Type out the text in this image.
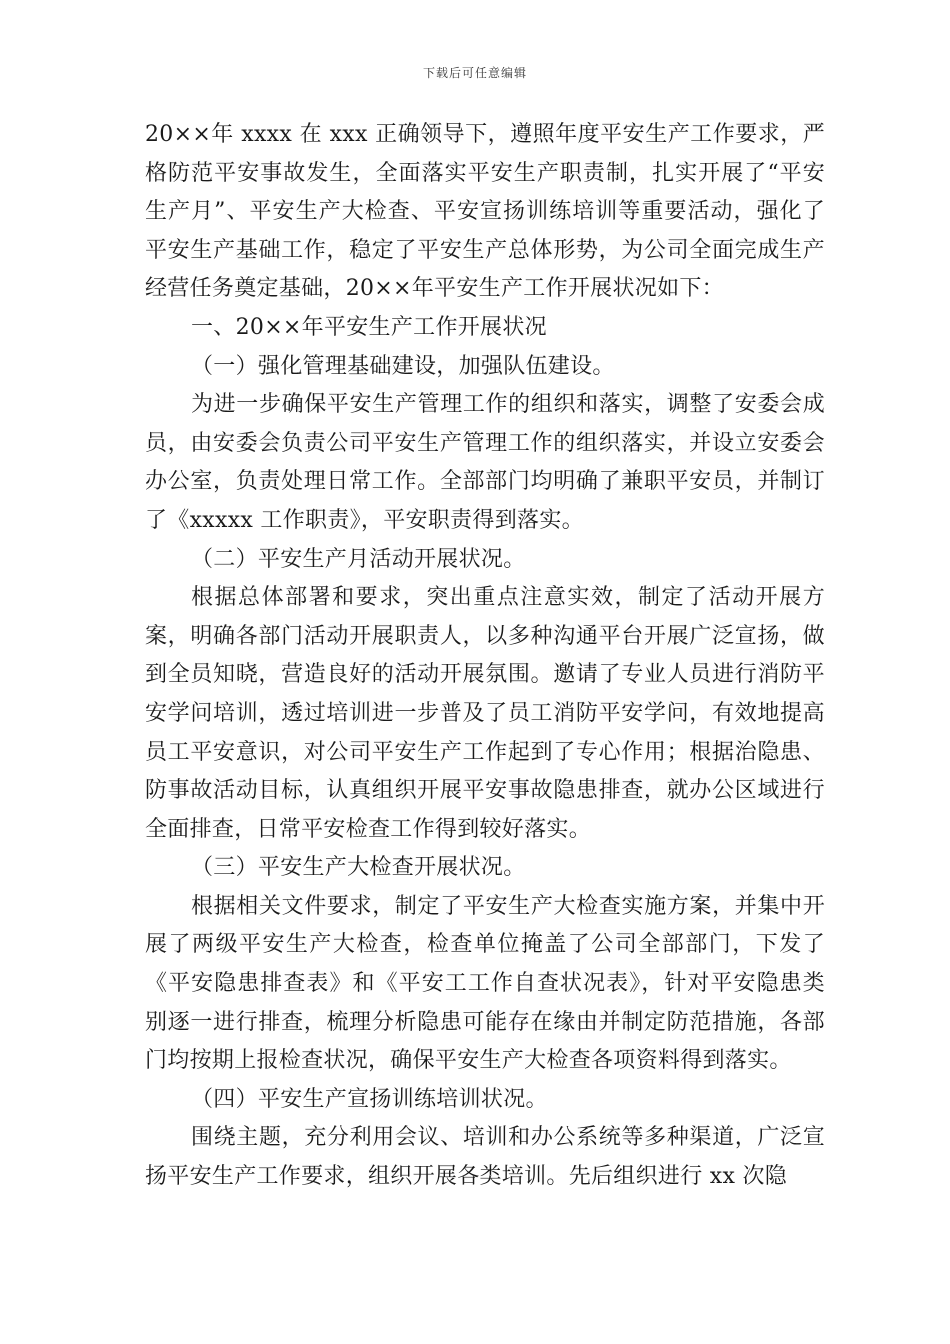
下载后可任意编辑

20××年 xxxx 在 xxx 正确领导下，遵照年度平安生产工作要求，严格防范平安事故发生，全面落实平安生产职责制，扎实开展了“平安生产月”、平安生产大检查、平安宣扬训练培训等重要活动，强化了平安生产基础工作，稳定了平安生产总体形势，为公司全面完成生产经营任务奠定基础，20××年平安生产工作开展状况如下：

一、20××年平安生产工作开展状况

（一）强化管理基础建设，加强队伍建设。

为进一步确保平安生产管理工作的组织和落实，调整了安委会成员，由安委会负责公司平安生产管理工作的组织落实，并设立安委会办公室，负责处理日常工作。全部部门均明确了兼职平安员，并制订了《xxxxx 工作职责》，平安职责得到落实。

（二）平安生产月活动开展状况。

根据总体部署和要求，突出重点注意实效，制定了活动开展方案，明确各部门活动开展职责人，以多种沟通平台开展广泛宣扬，做到全员知晓，营造良好的活动开展氛围。邀请了专业人员进行消防平安学问培训，透过培训进一步普及了员工消防平安学问，有效地提高员工平安意识，对公司平安生产工作起到了专心作用；根据治隐患、防事故活动目标，认真组织开展平安事故隐患排查，就办公区域进行全面排查，日常平安检查工作得到较好落实。

（三）平安生产大检查开展状况。

根据相关文件要求，制定了平安生产大检查实施方案，并集中开展了两级平安生产大检查，检查单位掩盖了公司全部部门，下发了《平安隐患排查表》和《平安工工作自查状况表》，针对平安隐患类别逐一进行排查，梳理分析隐患可能存在缘由并制定防范措施，各部门均按期上报检查状况，确保平安生产大检查各项资料得到落实。

（四）平安生产宣扬训练培训状况。

围绕主题，充分利用会议、培训和办公系统等多种渠道，广泛宣扬平安生产工作要求，组织开展各类培训。先后组织进行 xx 次隐
